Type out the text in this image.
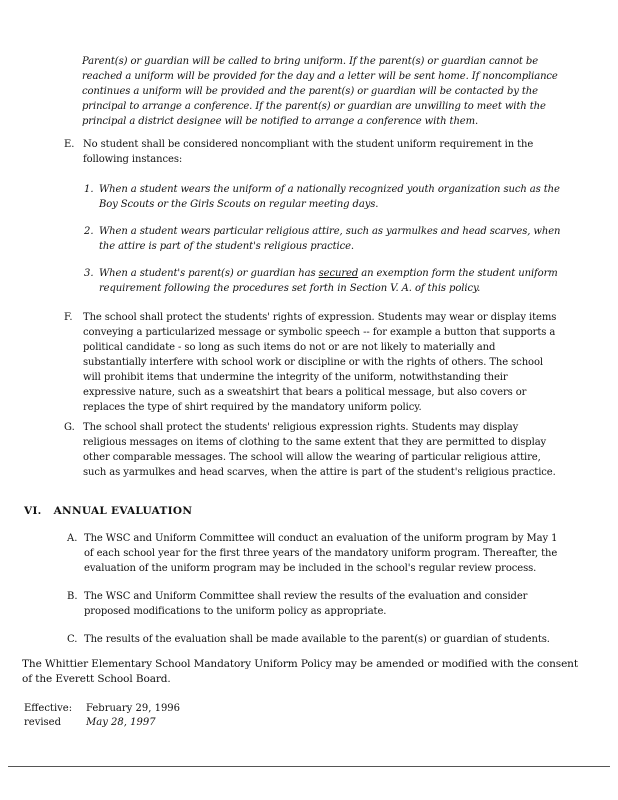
Parent(s) or guardian will be called to bring uniform. If the parent(s) or guardian cannot be reached a uniform will be provided for the day and a letter will be sent home. If noncompliance continues a uniform will be provided and the parent(s) or guardian will be contacted by the principal to arrange a conference. If the parent(s) or guardian are unwilling to meet with the principal a district designee will be notified to arrange a conference with them.
E. No student shall be considered noncompliant with the student uniform requirement in the following instances:
1. When a student wears the uniform of a nationally recognized youth organization such as the Boy Scouts or the Girls Scouts on regular meeting days.
2. When a student wears particular religious attire, such as yarmulkes and head scarves, when the attire is part of the student's religious practice.
3. When a student's parent(s) or guardian has secured an exemption form the student uniform requirement following the procedures set forth in Section V. A. of this policy.
F. The school shall protect the students' rights of expression. Students may wear or display items conveying a particularized message or symbolic speech -- for example a button that supports a political candidate - so long as such items do not or are not likely to materially and substantially interfere with school work or discipline or with the rights of others. The school will prohibit items that undermine the integrity of the uniform, notwithstanding their expressive nature, such as a sweatshirt that bears a political message, but also covers or replaces the type of shirt required by the mandatory uniform policy.
G. The school shall protect the students' religious expression rights. Students may display religious messages on items of clothing to the same extent that they are permitted to display other comparable messages. The school will allow the wearing of particular religious attire, such as yarmulkes and head scarves, when the attire is part of the student's religious practice.
VI. ANNUAL EVALUATION
A. The WSC and Uniform Committee will conduct an evaluation of the uniform program by May 1 of each school year for the first three years of the mandatory uniform program. Thereafter, the evaluation of the uniform program may be included in the school's regular review process.
B. The WSC and Uniform Committee shall review the results of the evaluation and consider proposed modifications to the uniform policy as appropriate.
C. The results of the evaluation shall be made available to the parent(s) or guardian of students.
The Whittier Elementary School Mandatory Uniform Policy may be amended or modified with the consent of the Everett School Board.
Effective: February 29, 1996
revised	May 28, 1997
